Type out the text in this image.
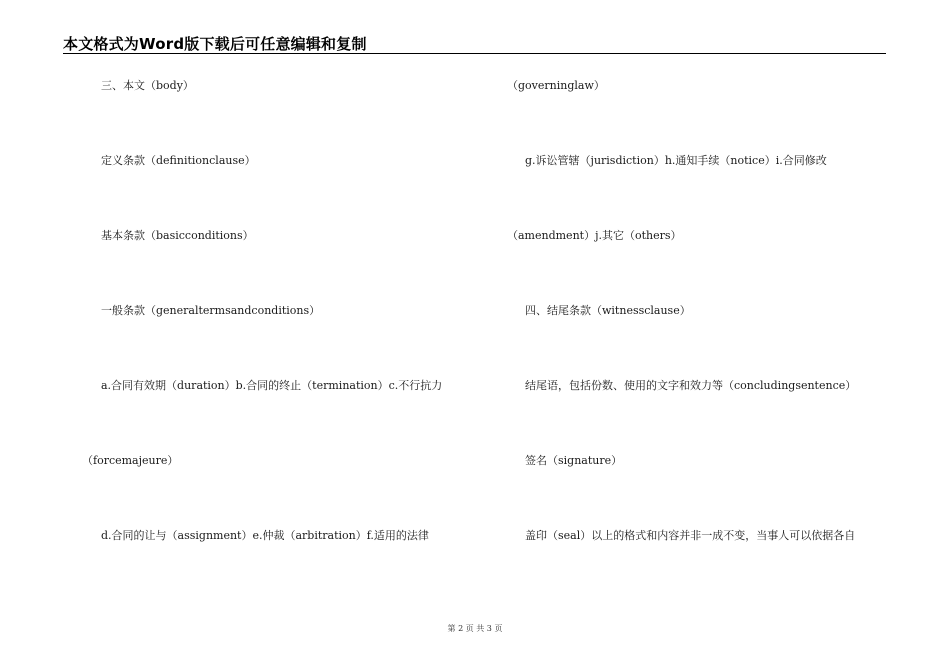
本文格式为Word版下载后可任意编辑和复制
三、本文（body）
定义条款（definitionclause）
基本条款（basicconditions）
一般条款（generaltermsandconditions）
a.合同有效期（duration）b.合同的终止（termination）c.不行抗力
（forcemajeure）
d.合同的让与（assignment）e.仲裁（arbitration）f.适用的法律
（governinglaw）
g.诉讼管辖（jurisdiction）h.通知手续（notice）i.合同修改
（amendment）j.其它（others）
四、结尾条款（witnessclause）
结尾语，包括份数、使用的文字和效力等（concludingsentence）
签名（signature）
盖印（seal）以上的格式和内容并非一成不变，当事人可以依据各自
第 2 页 共 3 页
